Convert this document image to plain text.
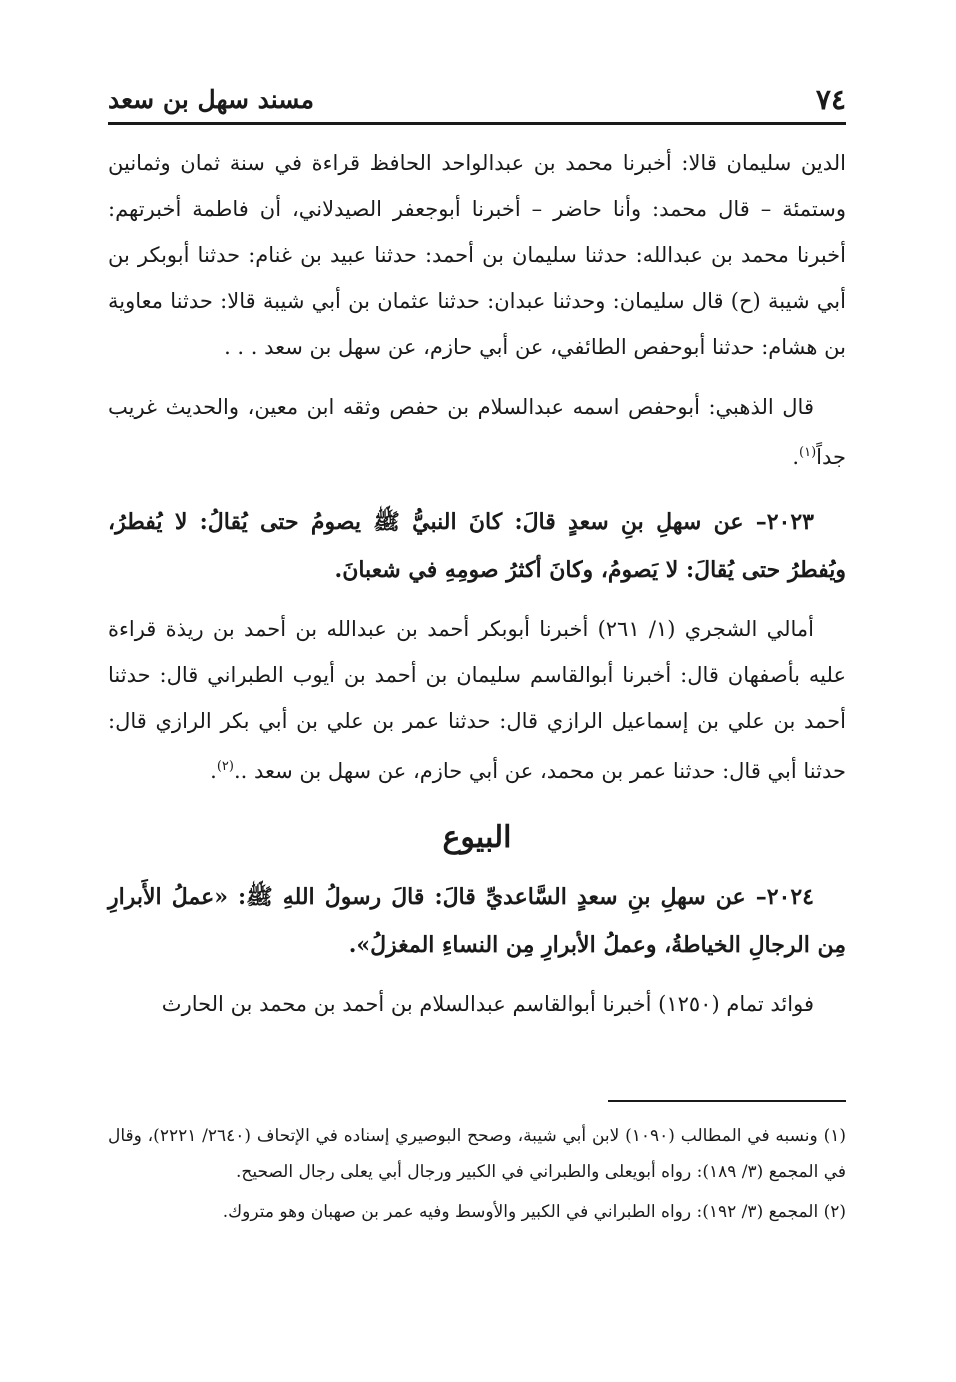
٧٤
مسند سهل بن سعد

الدين سليمان قالا: أخبرنا محمد بن عبدالواحد الحافظ قراءة في سنة ثمان وثمانين وستمئة – قال محمد: وأنا حاضر – أخبرنا أبوجعفر الصيدلاني، أن فاطمة أخبرتهم: أخبرنا محمد بن عبدالله: حدثنا سليمان بن أحمد: حدثنا عبيد بن غنام: حدثنا أبوبكر بن أبي شيبة (ح) قال سليمان: وحدثنا عبدان: حدثنا عثمان بن أبي شيبة قالا: حدثنا معاوية بن هشام: حدثنا أبوحفص الطائفي، عن أبي حازم، عن سهل بن سعد . . .

قال الذهبي: أبوحفص اسمه عبدالسلام بن حفص وثقه ابن معين، والحديث غريب جداً$^{(١)}$.

٢٠٢٣– عن سهلِ بنِ سعدٍ قالَ: كانَ النبيُّ ﷺ يصومُ حتى يُقالُ: لا يُفطرُ، ويُفطرُ حتى يُقالَ: لا يَصومُ، وكانَ أكثرُ صومِهِ في شعبانَ.

أمالي الشجري (١/ ٢٦١) أخبرنا أبوبكر أحمد بن عبدالله بن أحمد بن ريذة قراءة عليه بأصفهان قال: أخبرنا أبوالقاسم سليمان بن أحمد بن أيوب الطبراني قال: حدثنا أحمد بن علي بن إسماعيل الرازي قال: حدثنا عمر بن علي بن أبي بكر الرازي قال: حدثنا أبي قال: حدثنا عمر بن محمد، عن أبي حازم، عن سهل بن سعد ..$^{(٢)}$.

البيوع

٢٠٢٤– عن سهلِ بنِ سعدٍ السَّاعديِّ قالَ: قالَ رسولُ اللهِ ﷺ: «عملُ الأَبرارِ مِن الرجالِ الخياطةُ، وعملُ الأبرارِ مِن النساءِ المغزلُ».

فوائد تمام (١٢٥٠) أخبرنا أبوالقاسم عبدالسلام بن أحمد بن محمد بن الحارث

(١) ونسبه في المطالب (١٠٩٠) لابن أبي شيبة، وصحح البوصيري إسناده في الإتحاف (٢٦٤٠/ ٢٢٢١)، وقال في المجمع (٣/ ١٨٩): رواه أبويعلى والطبراني في الكبير ورجال أبي يعلى رجال الصحيح.

(٢) المجمع (٣/ ١٩٢): رواه الطبراني في الكبير والأوسط وفيه عمر بن صهبان وهو متروك.
